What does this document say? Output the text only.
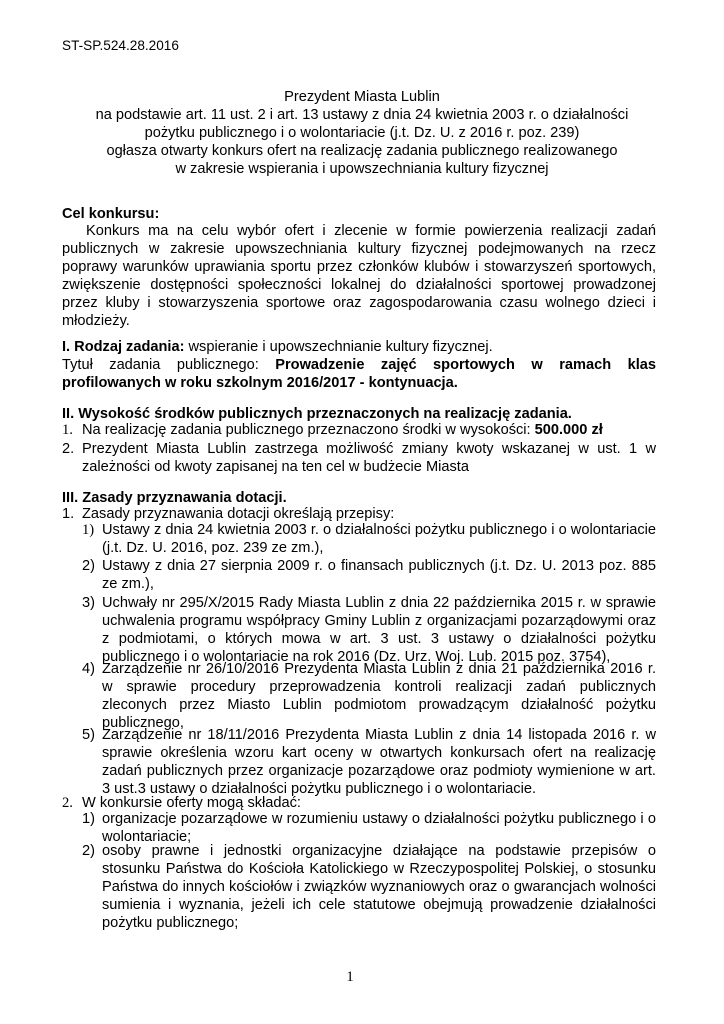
ST-SP.524.28.2016
Prezydent Miasta Lublin
na podstawie art. 11 ust. 2 i art. 13 ustawy z dnia 24 kwietnia 2003 r. o działalności
pożytku publicznego i o wolontariacie (j.t. Dz. U. z 2016 r. poz. 239)
ogłasza otwarty konkurs ofert na realizację zadania publicznego realizowanego
w zakresie wspierania i upowszechniania kultury fizycznej
Cel konkursu:
Konkurs ma na celu wybór ofert i zlecenie w formie powierzenia realizacji zadań publicznych w zakresie upowszechniania kultury fizycznej podejmowanych na rzecz poprawy warunków uprawiania sportu przez członków klubów i stowarzyszeń sportowych, zwiększenie dostępności społeczności lokalnej do działalności sportowej prowadzonej przez kluby i stowarzyszenia sportowe oraz zagospodarowania czasu wolnego dzieci i młodzieży.
I. Rodzaj zadania: wspieranie i upowszechnianie kultury fizycznej.
Tytuł zadania publicznego: Prowadzenie zajęć sportowych w ramach klas profilowanych w roku szkolnym 2016/2017 - kontynuacja.
II. Wysokość środków publicznych przeznaczonych na realizację zadania.
1. Na realizację zadania publicznego przeznaczono środki w wysokości: 500.000 zł
2. Prezydent Miasta Lublin zastrzega możliwość zmiany kwoty wskazanej w ust. 1 w zależności od kwoty zapisanej na ten cel w budżecie Miasta
III. Zasady przyznawania dotacji.
1. Zasady przyznawania dotacji określają przepisy:
1) Ustawy z dnia 24 kwietnia 2003 r. o działalności pożytku publicznego i o wolontariacie (j.t. Dz. U. 2016, poz. 239 ze zm.),
2) Ustawy z dnia 27 sierpnia 2009 r. o finansach publicznych (j.t. Dz. U. 2013 poz. 885 ze zm.),
3) Uchwały nr 295/X/2015 Rady Miasta Lublin z dnia 22 października 2015 r. w sprawie uchwalenia programu współpracy Gminy Lublin z organizacjami pozarządowymi oraz z podmiotami, o których mowa w art. 3 ust. 3 ustawy o działalności pożytku publicznego i o wolontariacie na rok 2016 (Dz. Urz. Woj. Lub. 2015 poz. 3754),
4) Zarządzenie nr 26/10/2016 Prezydenta Miasta Lublin z dnia 21 października 2016 r. w sprawie procedury przeprowadzenia kontroli realizacji zadań publicznych zleconych przez Miasto Lublin podmiotom prowadzącym działalność pożytku publicznego,
5) Zarządzenie nr 18/11/2016 Prezydenta Miasta Lublin z dnia 14 listopada 2016 r. w sprawie określenia wzoru kart oceny w otwartych konkursach ofert na realizację zadań publicznych przez organizacje pozarządowe oraz podmioty wymienione w art. 3 ust.3 ustawy o działalności pożytku publicznego i o wolontariacie.
2. W konkursie oferty mogą składać:
1) organizacje pozarządowe w rozumieniu ustawy o działalności pożytku publicznego i o wolontariacie;
2) osoby prawne i jednostki organizacyjne działające na podstawie przepisów o stosunku Państwa do Kościoła Katolickiego w Rzeczypospolitej Polskiej, o stosunku Państwa do innych kościołów i związków wyznaniowych oraz o gwarancjach wolności sumienia i wyznania, jeżeli ich cele statutowe obejmują prowadzenie działalności pożytku publicznego;
1
